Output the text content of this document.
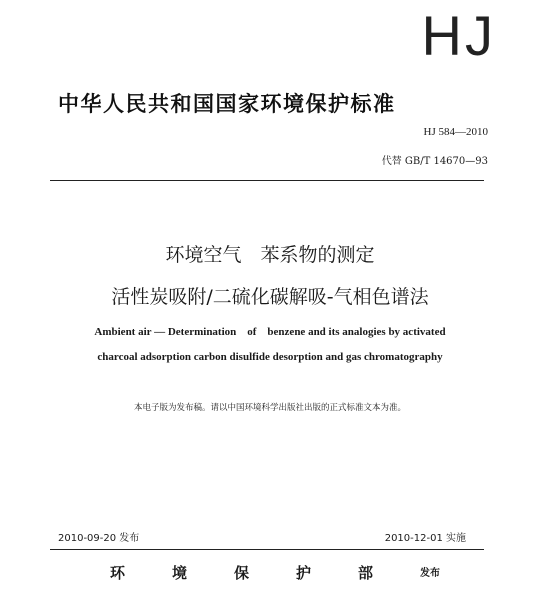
HJ
中华人民共和国国家环境保护标准
HJ 584—2010
代替 GB/T 14670—93
环境空气　苯系物的测定
活性炭吸附/二硫化碳解吸-气相色谱法
Ambient air — Determination　of　benzene and its analogies by activated
charcoal adsorption carbon disulfide desorption and gas chromatography
本电子版为发布稿。请以中国环境科学出版社出版的正式标准文本为准。
2010-09-20 发布	2010-12-01 实施
环	境	保	护	部	发布
